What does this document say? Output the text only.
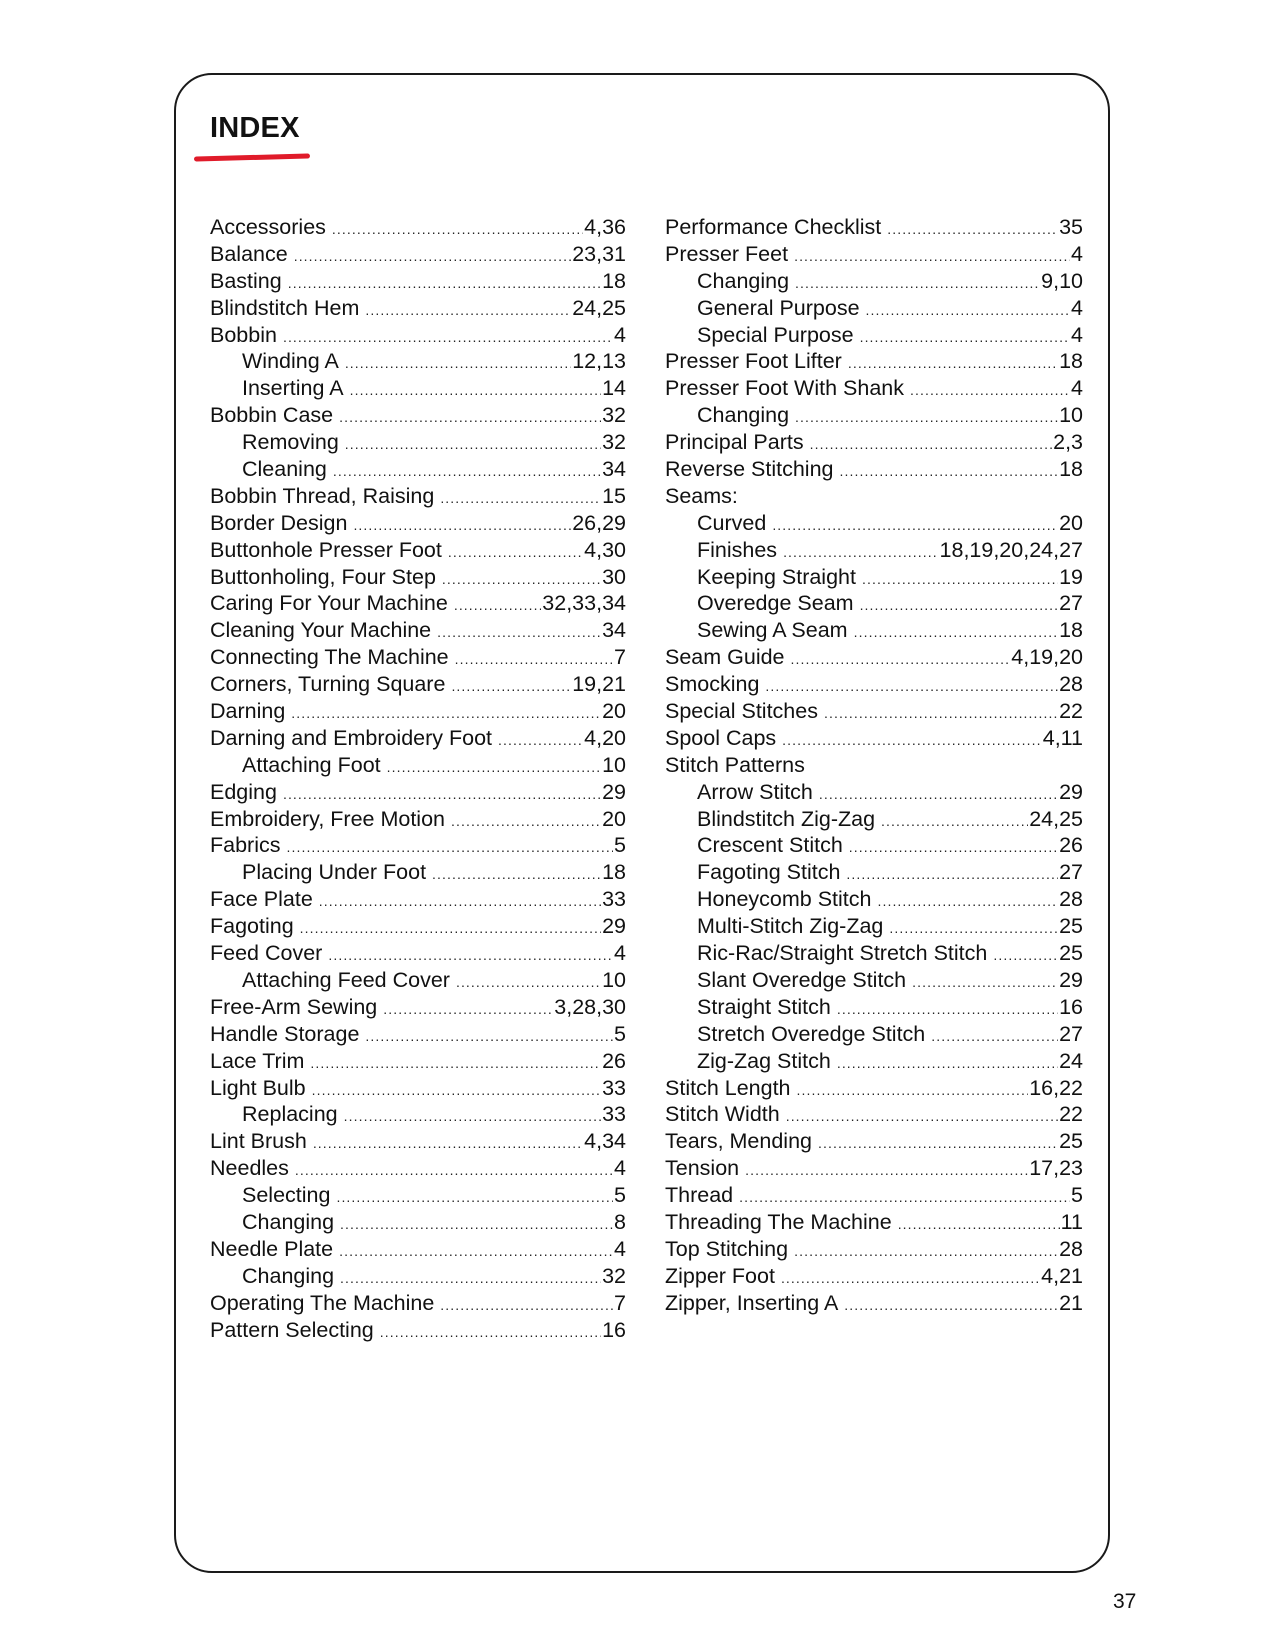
INDEX
Accessories .....	4,36
Balance .....	23,31
Basting .....	18
Blindstitch Hem .....	24,25
Bobbin .....	4
Winding A .....	12,13
Inserting A .....	14
Bobbin Case .....	32
Removing .....	32
Cleaning .....	34
Bobbin Thread, Raising .....	15
Border Design .....	26,29
Buttonhole Presser Foot .....	4,30
Buttonholing, Four Step .....	30
Caring For Your Machine .....	32,33,34
Cleaning Your Machine .....	34
Connecting The Machine .....	7
Corners, Turning Square .....	19,21
Darning .....	20
Darning and Embroidery Foot .....	4,20
Attaching Foot .....	10
Edging .....	29
Embroidery, Free Motion .....	20
Fabrics .....	5
Placing Under Foot .....	18
Face Plate .....	33
Fagoting .....	29
Feed Cover .....	4
Attaching Feed Cover .....	10
Free-Arm Sewing .....	3,28,30
Handle Storage .....	5
Lace Trim .....	26
Light Bulb .....	33
Replacing .....	33
Lint Brush .....	4,34
Needles .....	4
Selecting .....	5
Changing .....	8
Needle Plate .....	4
Changing .....	32
Operating The Machine .....	7
Pattern Selecting .....	16
Performance Checklist .....	35
Presser Feet .....	4
Changing .....	9,10
General Purpose .....	4
Special Purpose .....	4
Presser Foot Lifter .....	18
Presser Foot With Shank .....	4
Changing .....	10
Principal Parts .....	2,3
Reverse Stitching .....	18
Seams:
Curved .....	20
Finishes .....	18,19,20,24,27
Keeping Straight .....	19
Overedge Seam .....	27
Sewing A Seam .....	18
Seam Guide .....	4,19,20
Smocking .....	28
Special Stitches .....	22
Spool Caps .....	4,11
Stitch Patterns
Arrow Stitch .....	29
Blindstitch Zig-Zag .....	24,25
Crescent Stitch .....	26
Fagoting Stitch .....	27
Honeycomb Stitch .....	28
Multi-Stitch Zig-Zag .....	25
Ric-Rac/Straight Stretch Stitch .....	25
Slant Overedge Stitch .....	29
Straight Stitch .....	16
Stretch Overedge Stitch .....	27
Zig-Zag Stitch .....	24
Stitch Length .....	16,22
Stitch Width .....	22
Tears, Mending .....	25
Tension .....	17,23
Thread .....	5
Threading The Machine .....	11
Top Stitching .....	28
Zipper Foot .....	4,21
Zipper, Inserting A .....	21

37
